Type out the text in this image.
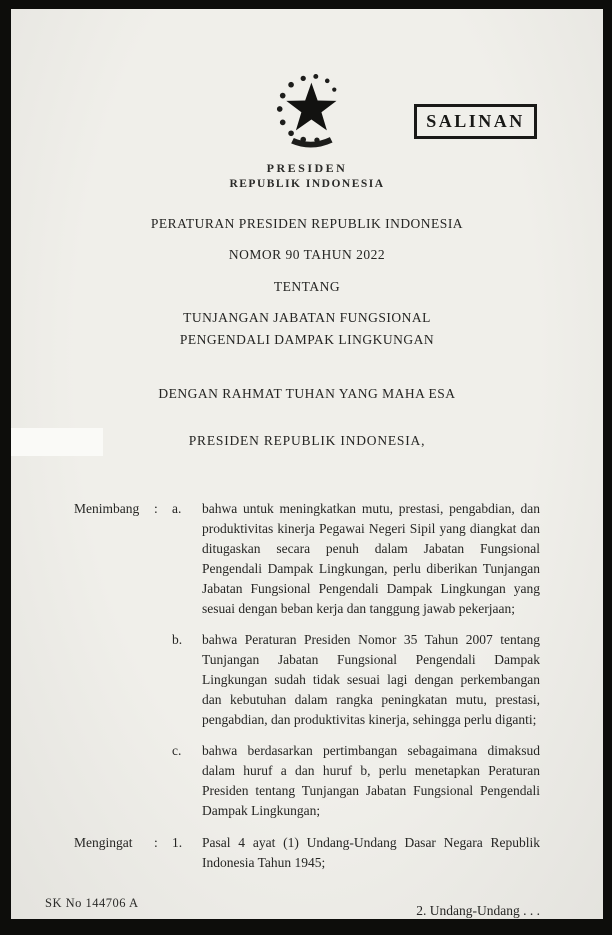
SALINAN
PRESIDEN
REPUBLIK INDONESIA
PERATURAN PRESIDEN REPUBLIK INDONESIA
NOMOR 90 TAHUN 2022
TENTANG
TUNJANGAN JABATAN FUNGSIONAL
PENGENDALI DAMPAK LINGKUNGAN
DENGAN RAHMAT TUHAN YANG MAHA ESA
PRESIDEN REPUBLIK INDONESIA,
Menimbang	:	a.	bahwa untuk meningkatkan mutu, prestasi, pengabdian, dan produktivitas kinerja Pegawai Negeri Sipil yang diangkat dan ditugaskan secara penuh dalam Jabatan Fungsional Pengendali Dampak Lingkungan, perlu diberikan Tunjangan Jabatan Fungsional Pengendali Dampak Lingkungan yang sesuai dengan beban kerja dan tanggung jawab pekerjaan;

b.	bahwa Peraturan Presiden Nomor 35 Tahun 2007 tentang Tunjangan Jabatan Fungsional Pengendali Dampak Lingkungan sudah tidak sesuai lagi dengan perkembangan dan kebutuhan dalam rangka peningkatan mutu, prestasi, pengabdian, dan produktivitas kinerja, sehingga perlu diganti;

c.	bahwa berdasarkan pertimbangan sebagaimana dimaksud dalam huruf a dan huruf b, perlu menetapkan Peraturan Presiden tentang Tunjangan Jabatan Fungsional Pengendali Dampak Lingkungan;

Mengingat	:	1.	Pasal 4 ayat (1) Undang-Undang Dasar Negara Republik Indonesia Tahun 1945;

2. Undang-Undang . . .
SK No 144706 A
